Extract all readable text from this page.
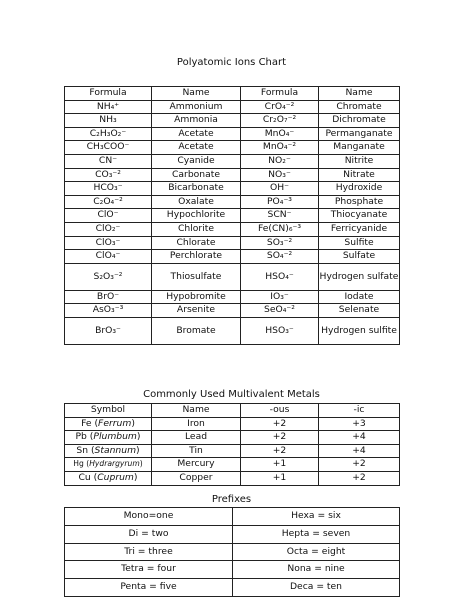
Polyatomic Ions Chart
Formula	Name	Formula	Name
NH₄⁺	Ammonium	CrO₄⁻²	Chromate
NH₃	Ammonia	Cr₂O₇⁻²	Dichromate
C₂H₃O₂⁻	Acetate	MnO₄⁻	Permanganate
CH₃COO⁻	Acetate	MnO₄⁻²	Manganate
CN⁻	Cyanide	NO₂⁻	Nitrite
CO₃⁻²	Carbonate	NO₃⁻	Nitrate
HCO₃⁻	Bicarbonate	OH⁻	Hydroxide
C₂O₄⁻²	Oxalate	PO₄⁻³	Phosphate
ClO⁻	Hypochlorite	SCN⁻	Thiocyanate
ClO₂⁻	Chlorite	Fe(CN)₆⁻³	Ferricyanide
ClO₃⁻	Chlorate	SO₃⁻²	Sulfite
ClO₄⁻	Perchlorate	SO₄⁻²	Sulfate
S₂O₃⁻²	Thiosulfate	HSO₄⁻	Hydrogen sulfate
BrO⁻	Hypobromite	IO₃⁻	Iodate
AsO₃⁻³	Arsenite	SeO₄⁻²	Selenate
BrO₃⁻	Bromate	HSO₃⁻	Hydrogen sulfite
Commonly Used Multivalent Metals
Symbol	Name	-ous	-ic
Fe (Ferrum)	Iron	+2	+3
Pb (Plumbum)	Lead	+2	+4
Sn (Stannum)	Tin	+2	+4
Hg (Hydrargyrum)	Mercury	+1	+2
Cu (Cuprum)	Copper	+1	+2
Prefixes
Mono=one	Hexa = six
Di = two	Hepta = seven
Tri = three	Octa = eight
Tetra = four	Nona = nine
Penta = five	Deca = ten
